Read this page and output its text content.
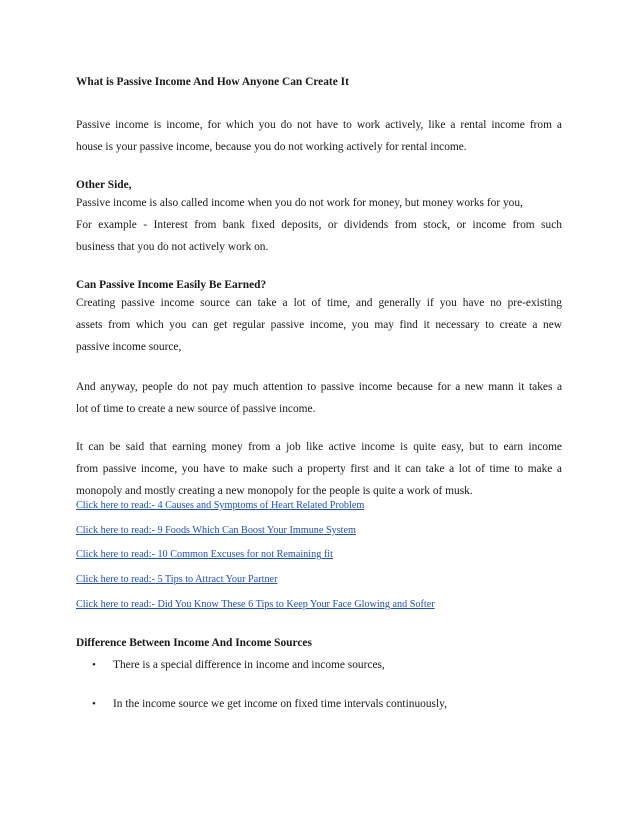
What is Passive Income And How Anyone Can Create It

Passive income is income, for which you do not have to work actively, like a rental income from a

house is your passive income, because you do not working actively for rental income.

Other Side,

Passive income is also called income when you do not work for money, but money works for you,

For example - Interest from bank fixed deposits, or dividends from stock, or income from such

business that you do not actively work on.

Can Passive Income Easily Be Earned?

Creating passive income source can take a lot of time, and generally if you have no pre-existing

assets from which you can get regular passive income, you may find it necessary to create a new

passive income source,

And anyway, people do not pay much attention to passive income because for a new mann it takes a

lot of time to create a new source of passive income.

It can be said that earning money from a job like active income is quite easy, but to earn income

from passive income, you have to make such a property first and it can take a lot of time to make a

monopoly and mostly creating a new monopoly for the people is quite a work of musk.

Click here to read:- 4 Causes and Symptoms of Heart Related Problem
Click here to read:- 9 Foods Which Can Boost Your Immune System
Click here to read:- 10 Common Excuses for not Remaining fit
Click here to read:- 5 Tips to Attract Your Partner
Click here to read:- Did You Know These 6 Tips to Keep Your Face Glowing and Softer

Difference Between Income And Income Sources

• There is a special difference in income and income sources,

• In the income source we get income on fixed time intervals continuously,
